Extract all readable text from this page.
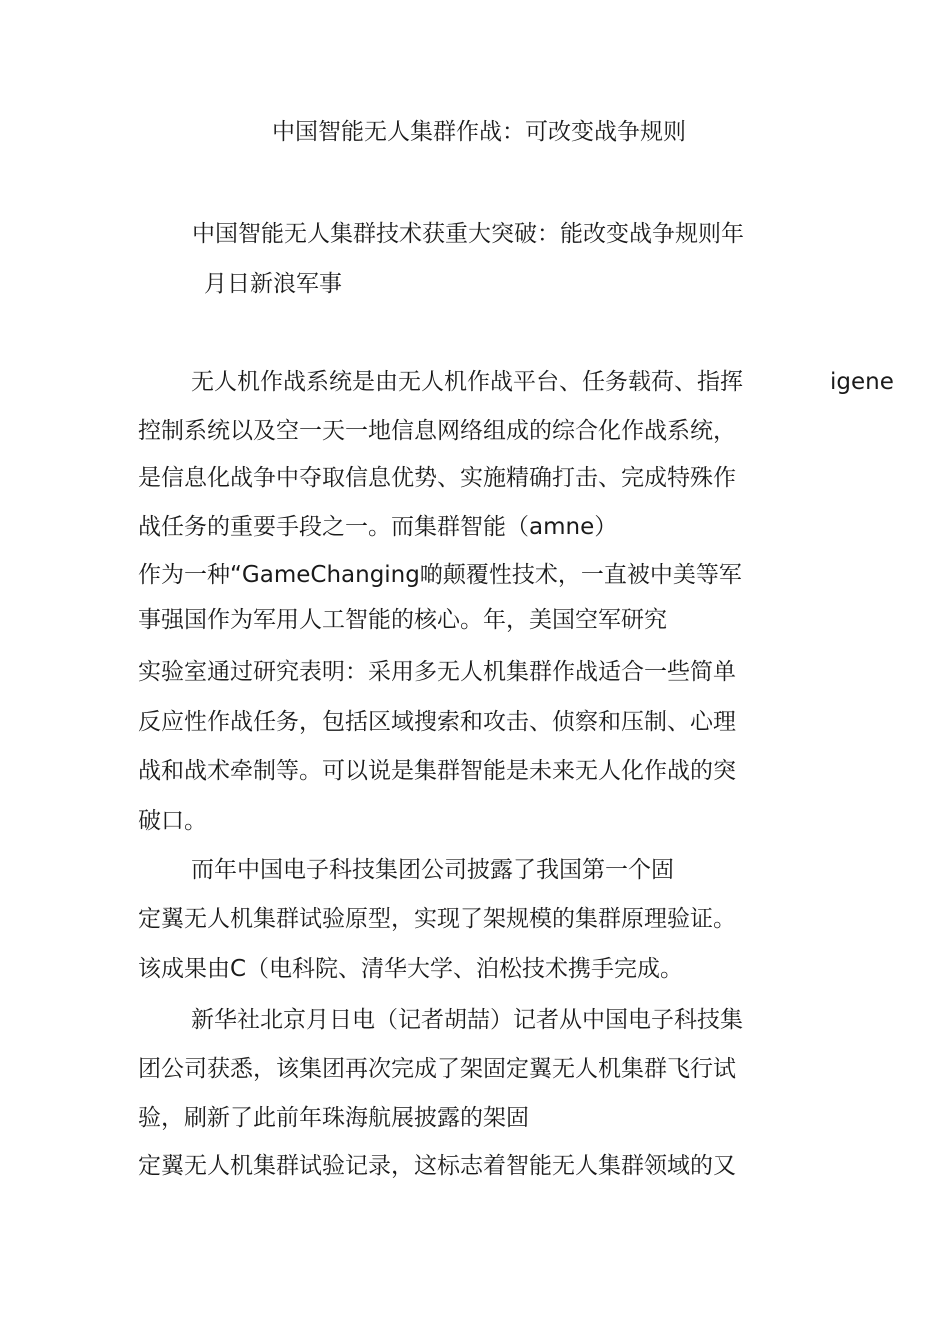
中国智能无人集群作战：可改变战争规则
中国智能无人集群技术获重大突破：能改变战争规则年
月日新浪军事
igene
无人机作战系统是由无人机作战平台、任务载荷、指挥
控制系统以及空一天一地信息网络组成的综合化作战系统，
是信息化战争中夺取信息优势、实施精确打击、完成特殊作
战任务的重要手段之一。而集群智能（amne）
作为一种“GameChanging啲颠覆性技术，一直被中美等军
事强国作为军用人工智能的核心。年，美国空军研究
实验室通过研究表明：采用多无人机集群作战适合一些简单
反应性作战任务，包括区域搜索和攻击、侦察和压制、心理
战和战术牵制等。可以说是集群智能是未来无人化作战的突
破口。
而年中国电子科技集团公司披露了我国第一个固
定翼无人机集群试验原型，实现了架规模的集群原理验证。
该成果由C（电科院、清华大学、泊松技术携手完成。
新华社北京月日电（记者胡喆）记者从中国电子科技集
团公司获悉，该集团再次完成了架固定翼无人机集群飞行试
验，刷新了此前年珠海航展披露的架固
定翼无人机集群试验记录，这标志着智能无人集群领域的又
